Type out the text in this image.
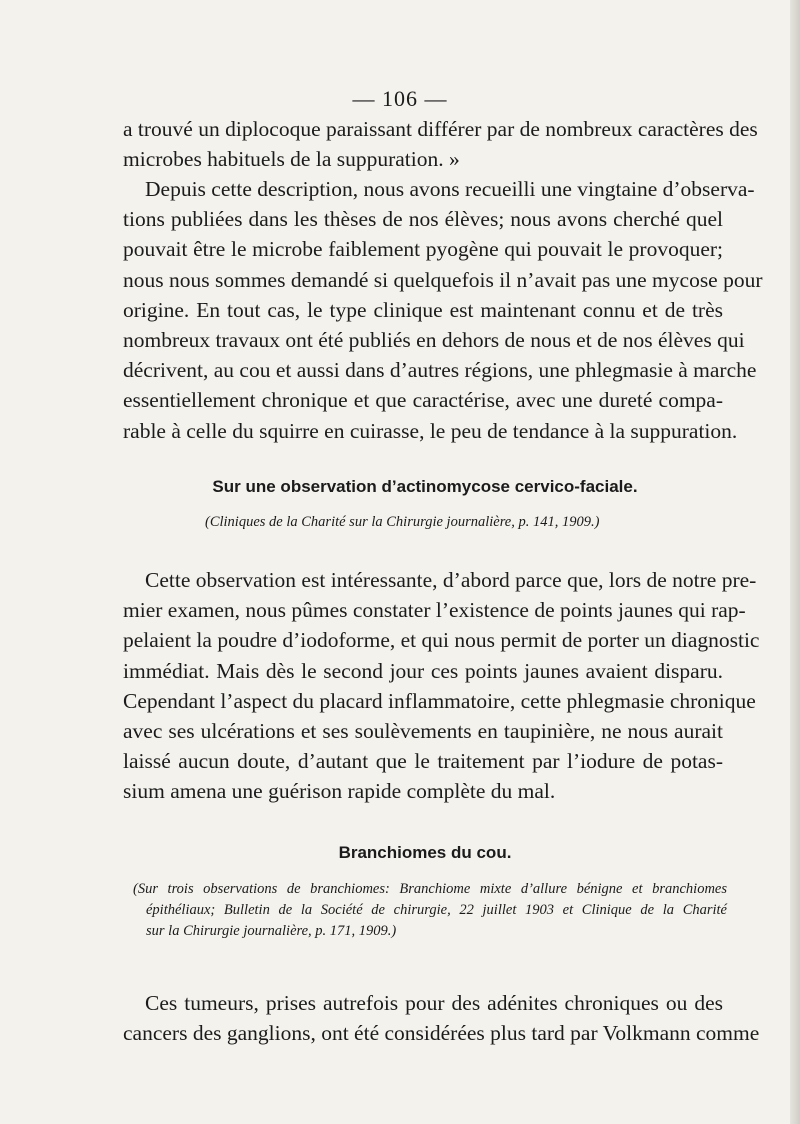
— 106 —
a trouvé un diplocoque paraissant différer par de nombreux caractères des
microbes habituels de la suppuration. »
Depuis cette description, nous avons recueilli une vingtaine d’observa-
tions publiées dans les thèses de nos élèves; nous avons cherché quel
pouvait être le microbe faiblement pyogène qui pouvait le provoquer;
nous nous sommes demandé si quelquefois il n’avait pas une mycose pour
origine. En tout cas, le type clinique est maintenant connu et de très
nombreux travaux ont été publiés en dehors de nous et de nos élèves qui
décrivent, au cou et aussi dans d’autres régions, une phlegmasie à marche
essentiellement chronique et que caractérise, avec une dureté compa-
rable à celle du squirre en cuirasse, le peu de tendance à la suppuration.
Sur une observation d’actinomycose cervico-faciale.

(Cliniques de la Charité sur la Chirurgie journalière, p. 141, 1909.)

Cette observation est intéressante, d’abord parce que, lors de notre pre-
mier examen, nous pûmes constater l’existence de points jaunes qui rap-
pelaient la poudre d’iodoforme, et qui nous permit de porter un diagnostic
immédiat. Mais dès le second jour ces points jaunes avaient disparu.
Cependant l’aspect du placard inflammatoire, cette phlegmasie chronique
avec ses ulcérations et ses soulèvements en taupinière, ne nous aurait
laissé aucun doute, d’autant que le traitement par l’iodure de potas-
sium amena une guérison rapide complète du mal.
Branchiomes du cou.
(Sur trois observations de branchiomes: Branchiome mixte d’allure bénigne et branchiomes
épithéliaux; Bulletin de la Société de chirurgie, 22 juillet 1903 et Clinique de la Charité
sur la Chirurgie journalière, p. 171, 1909.)
Ces tumeurs, prises autrefois pour des adénites chroniques ou des
cancers des ganglions, ont été considérées plus tard par Volkmann comme
